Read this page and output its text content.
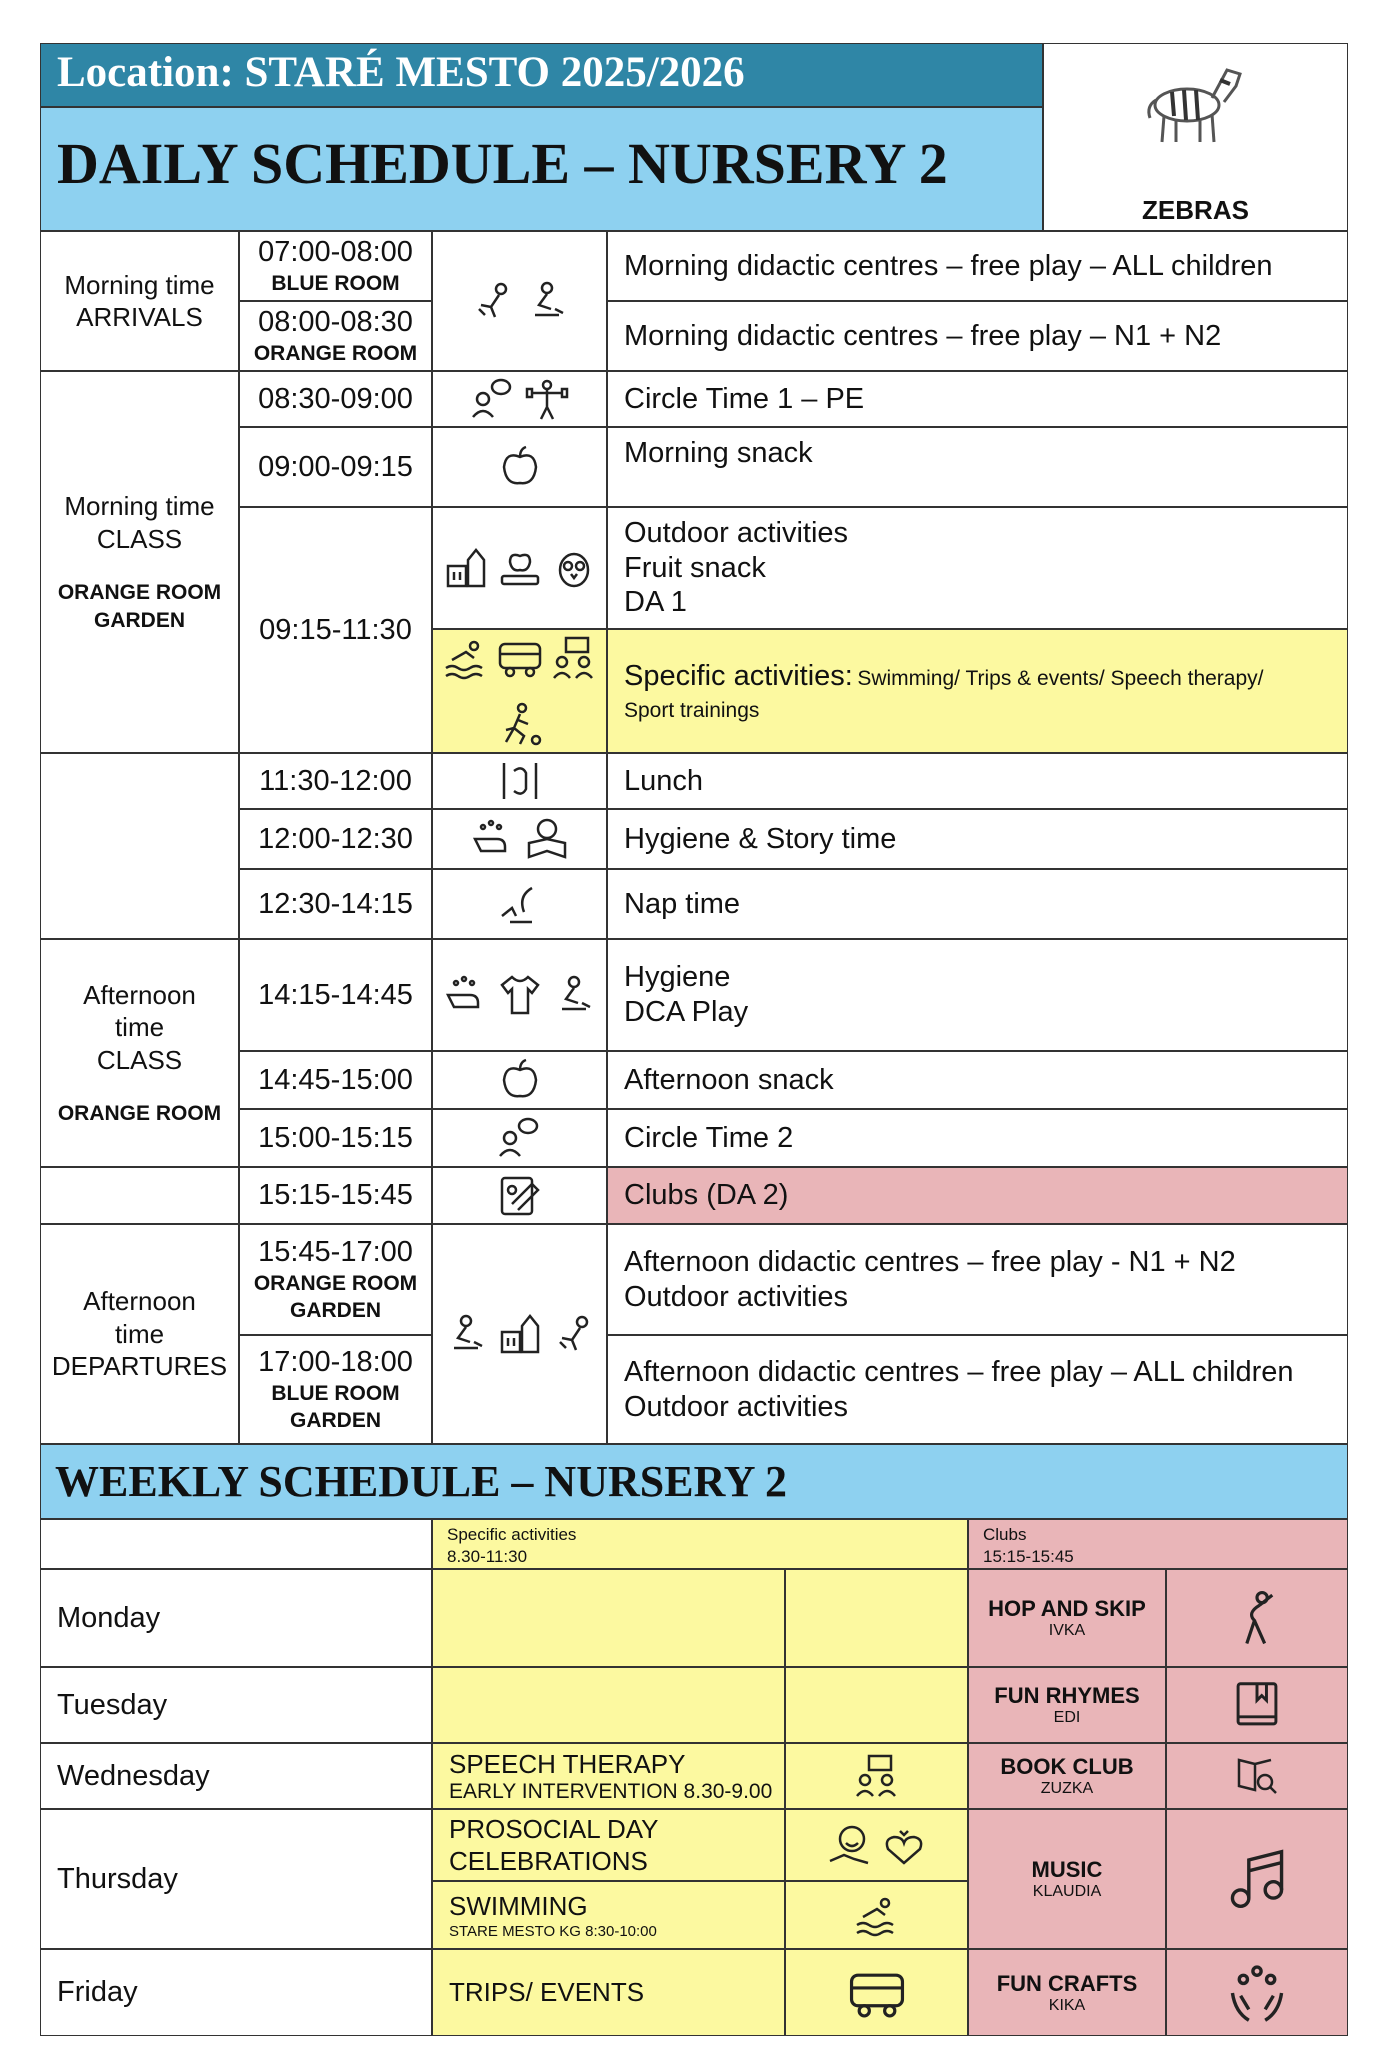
Location: STARÉ MESTO 2025/2026
DAILY SCHEDULE – NURSERY 2
ZEBRAS
Morning time
ARRIVALS
Morning time
CLASS
ORANGE ROOM
GARDEN
Afternoon
time
CLASS
ORANGE ROOM
Afternoon
time
DEPARTURES
07:00-08:00
BLUE ROOM
08:00-08:30
ORANGE ROOM
08:30-09:00
09:00-09:15
09:15-11:30
11:30-12:00
12:00-12:30
12:30-14:15
14:15-14:45
14:45-15:00
15:00-15:15
15:15-15:45
15:45-17:00
ORANGE ROOM
GARDEN
17:00-18:00
BLUE ROOM
GARDEN
Morning didactic centres – free play – ALL children
Morning didactic centres – free play – N1 + N2
Circle Time 1 – PE
Morning snack
Outdoor activities
Fruit snack
DA 1
Specific activities: Swimming/ Trips & events/ Speech therapy/
Sport trainings
Lunch
Hygiene & Story time
Nap time
Hygiene
DCA Play
Afternoon snack
Circle Time 2
Clubs (DA 2)
Afternoon didactic centres – free play - N1 + N2
Outdoor activities
Afternoon didactic centres – free play – ALL children
Outdoor activities
WEEKLY SCHEDULE – NURSERY 2
Specific activities
8.30-11:30
Clubs
15:15-15:45
Monday
Tuesday
Wednesday
Thursday
Friday
SPEECH THERAPY
EARLY INTERVENTION 8.30-9.00
PROSOCIAL DAY
CELEBRATIONS
SWIMMING
STARE MESTO KG 8:30-10:00
TRIPS/ EVENTS
HOP AND SKIP
IVKA
FUN RHYMES
EDI
BOOK CLUB
ZUZKA
MUSIC
KLAUDIA
FUN CRAFTS
KIKA
